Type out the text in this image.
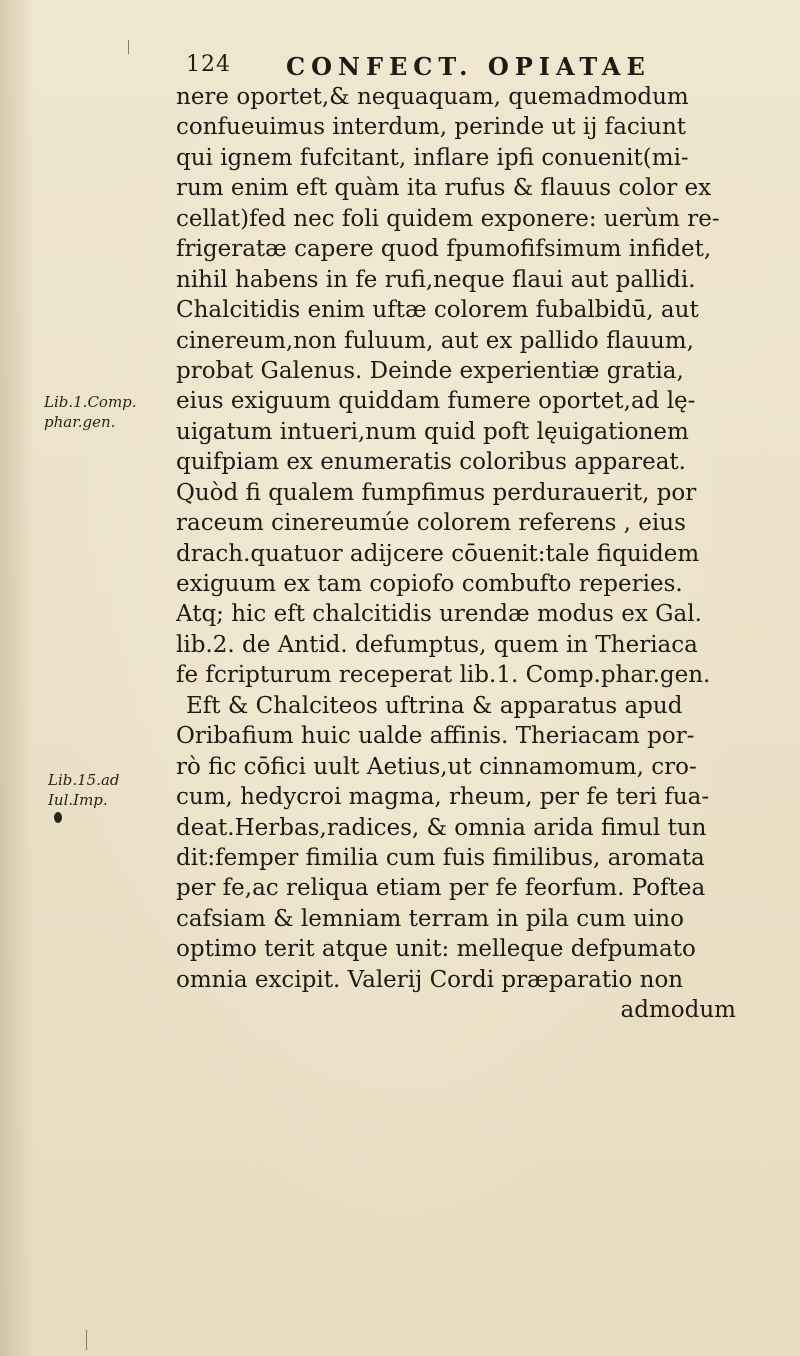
124 CONFECT. OPIATAE
Lib.1.Comp.
phar.gen.
Lib.15.ad
Iul.Imp.
nere oportet,& nequaquam, quemadmodum
confueuimus interdum, perinde ut ij faciunt
qui ignem fufcitant, inflare ipfi conuenit(mi-
rum enim eft quàm ita rufus & flauus color ex
cellat)fed nec foli quidem exponere: uerùm re-
frigeratæ capere quod fpumofifsimum infidet,
nihil habens in fe rufi,neque flaui aut pallidi.
Chalcitidis enim uftæ colorem fubalbidū, aut
cinereum,non fuluum, aut ex pallido flauum,
probat Galenus. Deinde experientiæ gratia,
eius exiguum quiddam fumere oportet,ad lę-
uigatum intueri,num quid poft lęuigationem
quifpiam ex enumeratis coloribus appareat.
Quòd fi qualem fumpfimus perdurauerit, por
raceum cinereumúe colorem referens , eius
drach.quatuor adijcere cōuenit:tale fiquidem
exiguum ex tam copiofo combufto reperies.
Atq; hic eft chalcitidis urendæ modus ex Gal.
lib.2. de Antid. defumptus, quem in Theriaca
fe fcripturum receperat lib.1. Comp.phar.gen.
Eft & Chalciteos uftrina & apparatus apud
Oribafium huic ualde affinis. Theriacam por-
rò fic cōfici uult Aetius,ut cinnamomum, cro-
cum, hedycroi magma, rheum, per fe teri fua-
deat.Herbas,radices, & omnia arida fimul tun
dit:femper fimilia cum fuis fimilibus, aromata
per fe,ac reliqua etiam per fe feorfum. Poftea
cafsiam & lemniam terram in pila cum uino
optimo terit atque unit: melleque defpumato
omnia excipit. Valerij Cordi præparatio non
admodum
